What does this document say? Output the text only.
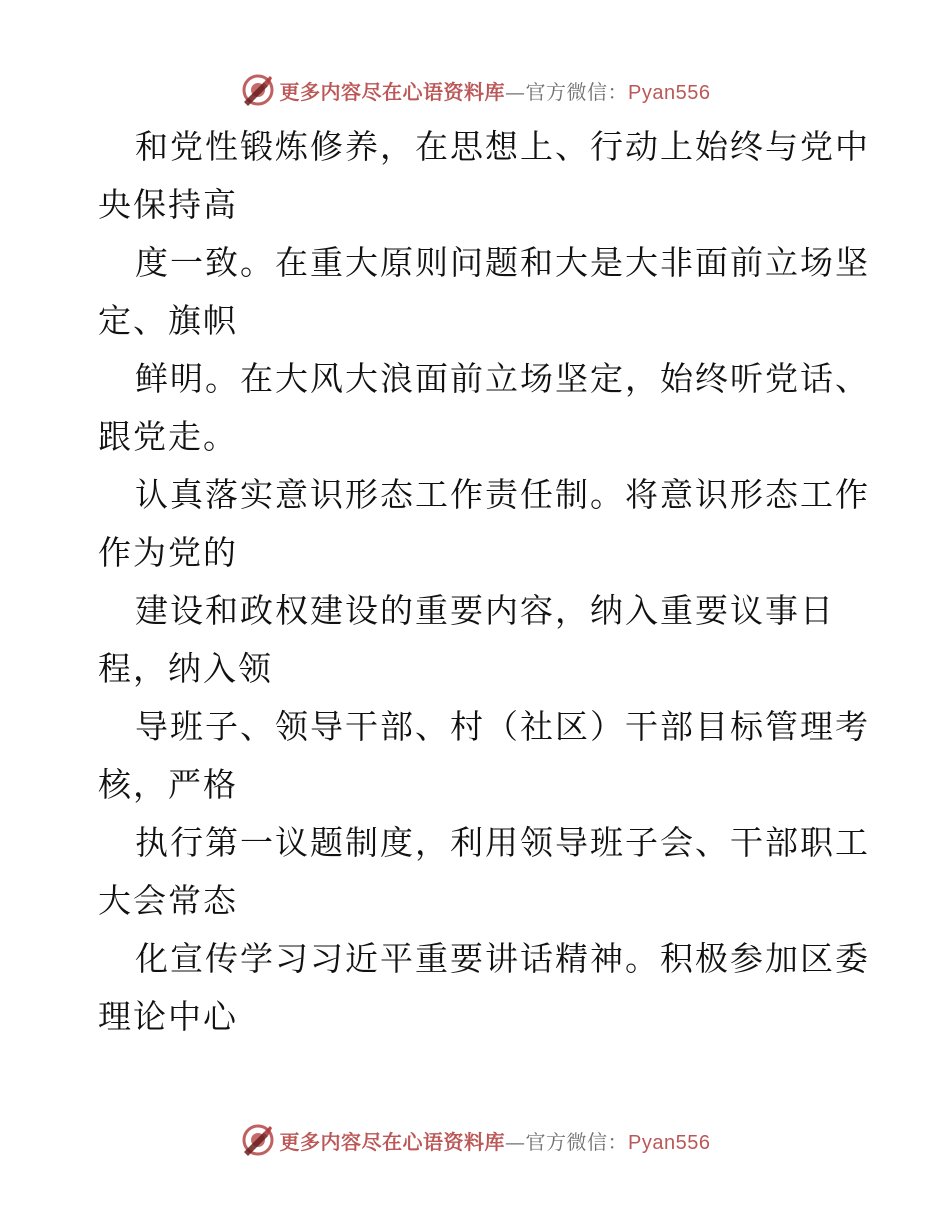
更多内容尽在心语资料库 — 官方微信： Pyan556
和党性锻炼修养，在思想上、行动上始终与党中
央保持高
度一致。在重大原则问题和大是大非面前立场坚
定、旗帜
鲜明。在大风大浪面前立场坚定，始终听党话、
跟党走。
认真落实意识形态工作责任制。将意识形态工作
作为党的
建设和政权建设的重要内容，纳入重要议事日
程，纳入领
导班子、领导干部、村（社区）干部目标管理考
核，严格
执行第一议题制度，利用领导班子会、干部职工
大会常态
化宣传学习习近平重要讲话精神。积极参加区委
理论中心
更多内容尽在心语资料库 — 官方微信： Pyan556
